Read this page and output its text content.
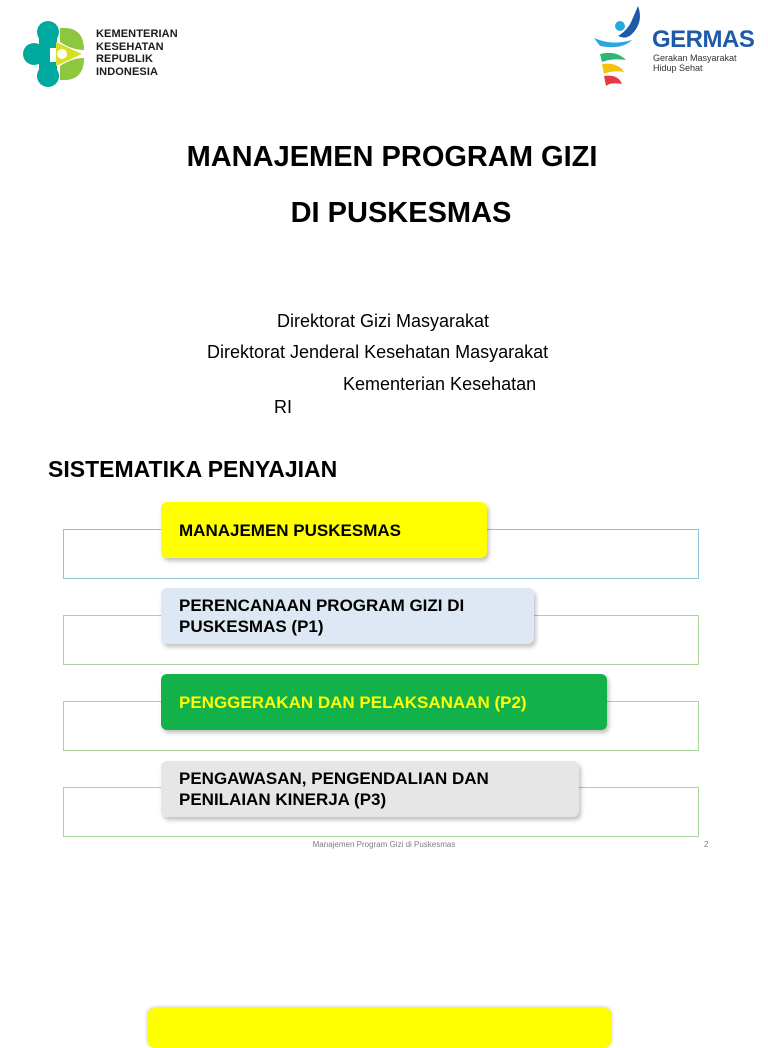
KEMENTERIAN
KESEHATAN
REPUBLIK
INDONESIA
GERMAS
Gerakan Masyarakat
Hidup Sehat
MANAJEMEN PROGRAM GIZI
DI PUSKESMAS
Direktorat Gizi Masyarakat
Direktorat Jenderal Kesehatan Masyarakat
Kementerian Kesehatan
RI
SISTEMATIKA PENYAJIAN
MANAJEMEN PUSKESMAS
PERENCANAAN PROGRAM GIZI DI
PUSKESMAS (P1)
PENGGERAKAN DAN PELAKSANAAN (P2)
PENGAWASAN, PENGENDALIAN DAN
PENILAIAN KINERJA (P3)
Manajemen Program Gizi di Puskesmas	2
